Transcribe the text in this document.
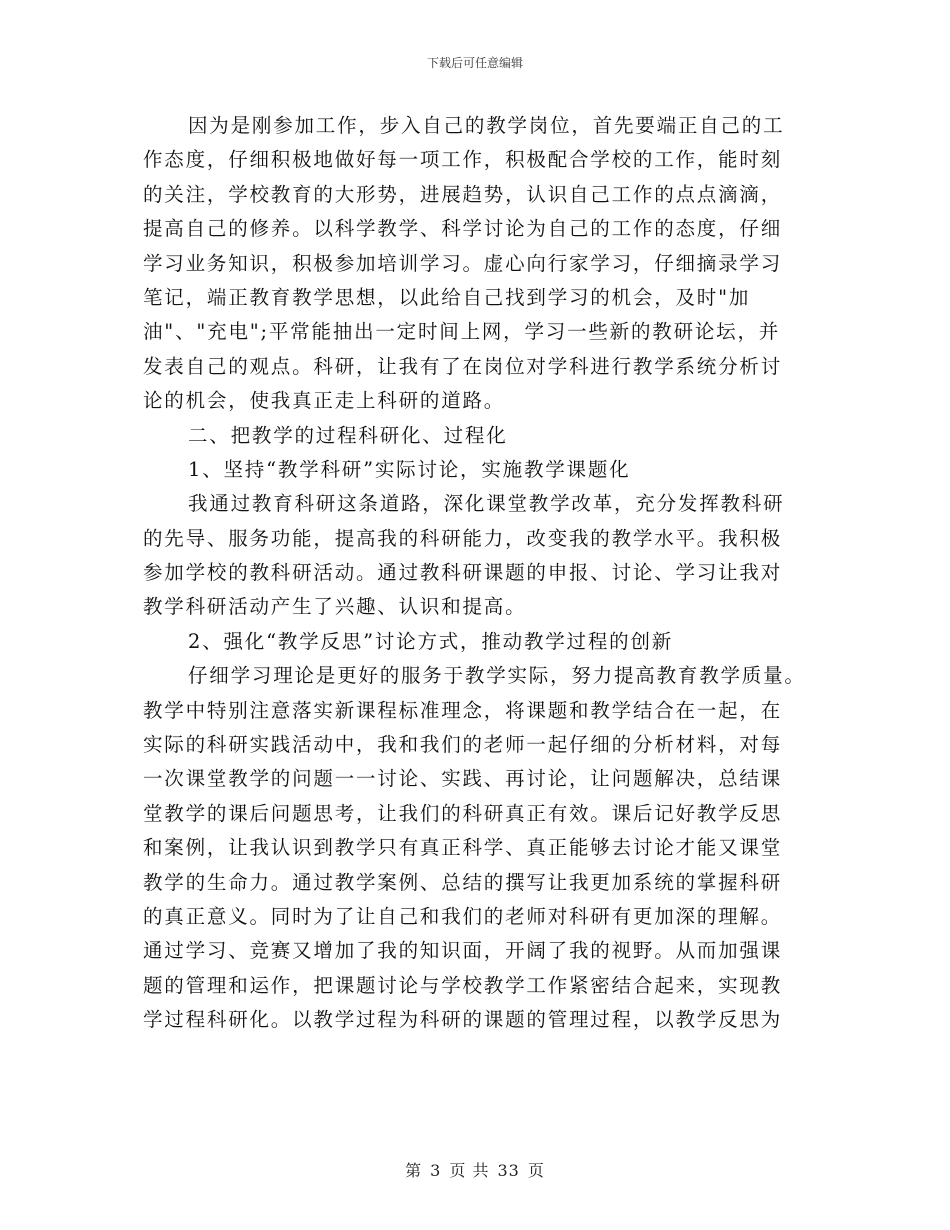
下载后可任意编辑
因为是刚参加工作，步入自己的教学岗位，首先要端正自己的工
作态度，仔细积极地做好每一项工作，积极配合学校的工作，能时刻
的关注，学校教育的大形势，进展趋势，认识自己工作的点点滴滴，
提高自己的修养。以科学教学、科学讨论为自己的工作的态度，仔细
学习业务知识，积极参加培训学习。虚心向行家学习，仔细摘录学习
笔记，端正教育教学思想，以此给自己找到学习的机会，及时"加
油"、"充电";平常能抽出一定时间上网，学习一些新的教研论坛，并
发表自己的观点。科研，让我有了在岗位对学科进行教学系统分析讨
论的机会，使我真正走上科研的道路。
二、把教学的过程科研化、过程化
1、坚持“教学科研”实际讨论，实施教学课题化
我通过教育科研这条道路，深化课堂教学改革，充分发挥教科研
的先导、服务功能，提高我的科研能力，改变我的教学水平。我积极
参加学校的教科研活动。通过教科研课题的申报、讨论、学习让我对
教学科研活动产生了兴趣、认识和提高。
2、强化“教学反思”讨论方式，推动教学过程的创新
仔细学习理论是更好的服务于教学实际，努力提高教育教学质量。
教学中特别注意落实新课程标准理念，将课题和教学结合在一起，在
实际的科研实践活动中，我和我们的老师一起仔细的分析材料，对每
一次课堂教学的问题一一讨论、实践、再讨论，让问题解决，总结课
堂教学的课后问题思考，让我们的科研真正有效。课后记好教学反思
和案例，让我认识到教学只有真正科学、真正能够去讨论才能又课堂
教学的生命力。通过教学案例、总结的撰写让我更加系统的掌握科研
的真正意义。同时为了让自己和我们的老师对科研有更加深的理解。
通过学习、竞赛又增加了我的知识面，开阔了我的视野。从而加强课
题的管理和运作，把课题讨论与学校教学工作紧密结合起来，实现教
学过程科研化。以教学过程为科研的课题的管理过程，以教学反思为
第 3 页 共 33 页
